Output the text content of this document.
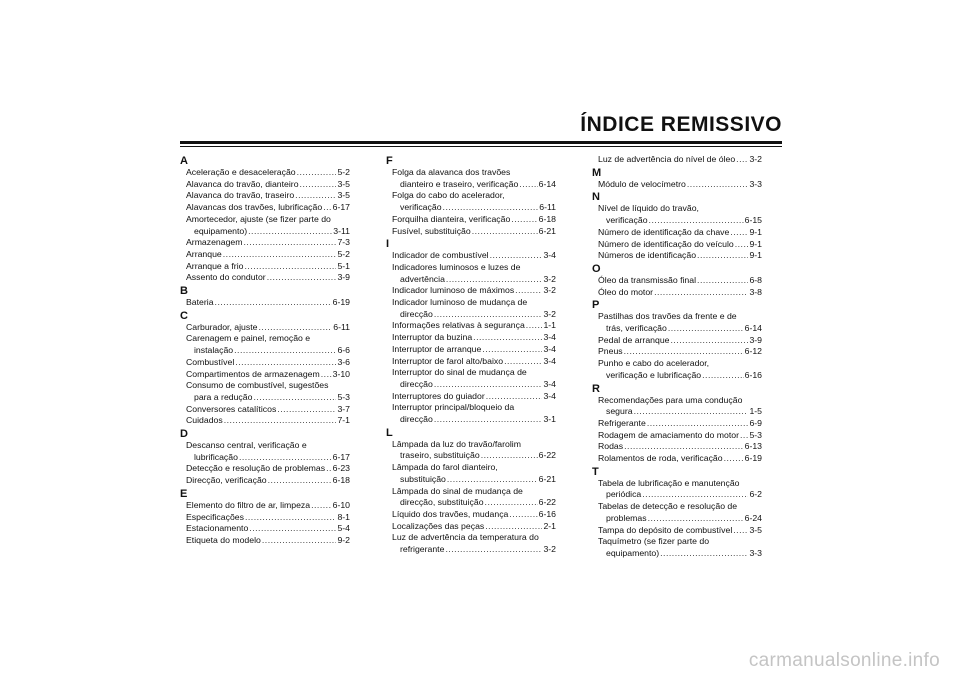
ÍNDICE REMISSIVO
A
Aceleração e desaceleração .....	5-2
Alavanca do travão, dianteiro .....	3-5
Alavanca do travão, traseiro .....	3-5
Alavancas dos travões, lubrificação ..... 6-17
Amortecedor, ajuste (se fizer parte do
equipamento) .....	3-11
Armazenagem .....	7-3
Arranque .....	5-2
Arranque a frio .....	5-1
Assento do condutor .....	3-9
B
Bateria .....	6-19
C
Carburador, ajuste .....	6-11
Carenagem e painel, remoção e
instalação .....	6-6
Combustível .....	3-6
Compartimentos de armazenagem ..... 3-10
Consumo de combustível, sugestões
para a redução .....	5-3
Conversores catalíticos .....	3-7
Cuidados .....	7-1
D
Descanso central, verificação e
lubrificação .....	6-17
Detecção e resolução de problemas ..... 6-23
Direcção, verificação .....	6-18
E
Elemento do filtro de ar, limpeza .....	6-10
Especificações .....	8-1
Estacionamento .....	5-4
Etiqueta do modelo .....	9-2
F
Folga da alavanca dos travões
dianteiro e traseiro, verificação ..... 6-14
Folga do cabo do acelerador,
verificação .....	6-11
Forquilha dianteira, verificação .....	6-18
Fusível, substituição .....	6-21
I
Indicador de combustível .....	3-4
Indicadores luminosos e luzes de
advertência .....	3-2
Indicador luminoso de máximos .....	3-2
Indicador luminoso de mudança de
direcção .....	3-2
Informações relativas à segurança ..... 1-1
Interruptor da buzina .....	3-4
Interruptor de arranque .....	3-4
Interruptor de farol alto/baixo .....	3-4
Interruptor do sinal de mudança de
direcção .....	3-4
Interruptores do guiador .....	3-4
Interruptor principal/bloqueio da
direcção .....	3-1
L
Lâmpada da luz do travão/farolim
traseiro, substituição .....	6-22
Lâmpada do farol dianteiro,
substituição .....	6-21
Lâmpada do sinal de mudança de
direcção, substituição .....	6-22
Líquido dos travões, mudança .....	6-16
Localizações das peças .....	2-1
Luz de advertência da temperatura do
refrigerante .....	3-2
Luz de advertência do nível de óleo ..... 3-2
M
Módulo de velocímetro .....	3-3
N
Nível de líquido do travão,
verificação .....	6-15
Número de identificação da chave ..... 9-1
Número de identificação do veículo ..... 9-1
Números de identificação .....	9-1
O
Óleo da transmissão final .....	6-8
Óleo do motor .....	3-8
P
Pastilhas dos travões da frente e de
trás, verificação .....	6-14
Pedal de arranque .....	3-9
Pneus .....	6-12
Punho e cabo do acelerador,
verificação e lubrificação .....	6-16
R
Recomendações para uma condução
segura .....	1-5
Refrigerante .....	6-9
Rodagem de amaciamento do motor ..... 5-3
Rodas .....	6-13
Rolamentos de roda, verificação .....	6-19
T
Tabela de lubrificação e manutenção
periódica .....	6-2
Tabelas de detecção e resolução de
problemas .....	6-24
Tampa do depósito de combustível ..... 3-5
Taquímetro (se fizer parte do
equipamento) .....	3-3
carmanualsonline.info
